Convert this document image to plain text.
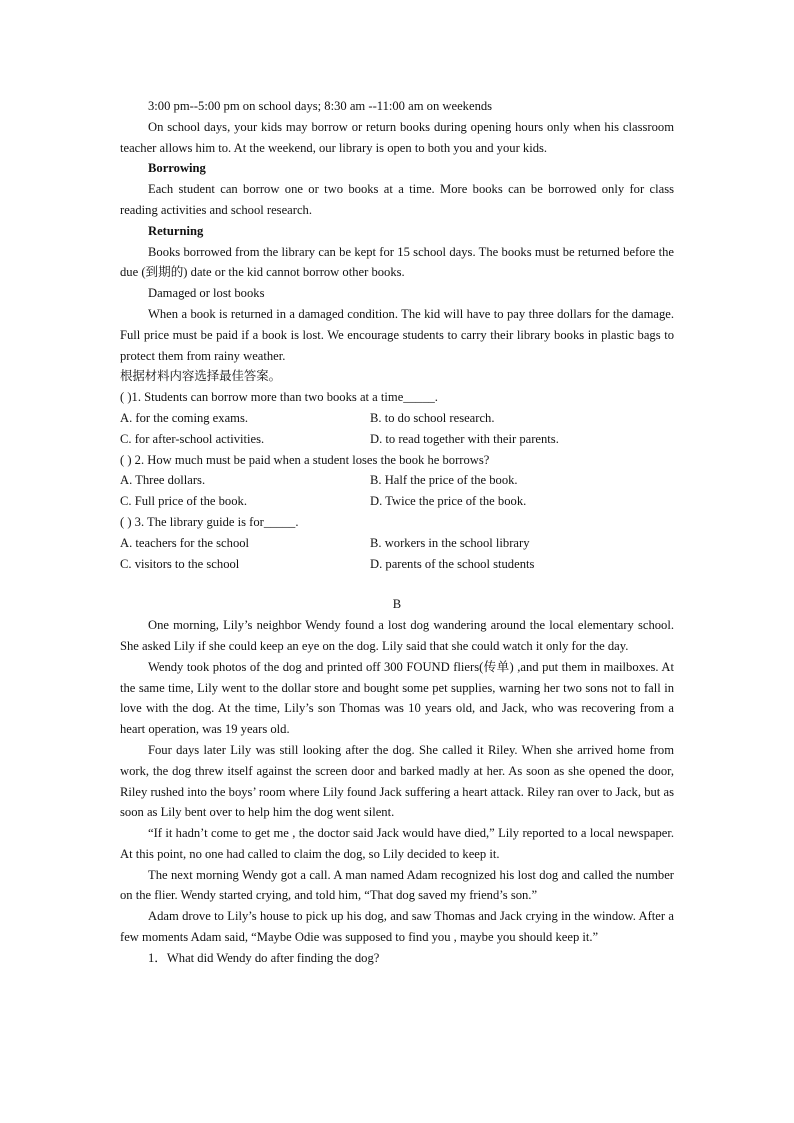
3:00 pm--5:00 pm on school days; 8:30 am --11:00 am on weekends

On school days, your kids may borrow or return books during opening hours only when his classroom teacher allows him to. At the weekend, our library is open to both you and your kids.

Borrowing

Each student can borrow one or two books at a time. More books can be borrowed only for class reading activities and school research.

Returning

Books borrowed from the library can be kept for 15 school days. The books must be returned before the due (到期的) date or the kid cannot borrow other books.

Damaged or lost books

When a book is returned in a damaged condition. The kid will have to pay three dollars for the damage. Full price must be paid if a book is lost. We encourage students to carry their library books in plastic bags to protect them from rainy weather.

根据材料内容选择最佳答案。

( )1. Students can borrow more than two books at a time_____.

A. for the coming exams.	B. to do school research.
C. for after-school activities.	D. to read together with their parents.

( ) 2. How much must be paid when a student loses the book he borrows?

A. Three dollars.	B. Half the price of the book.
C. Full price of the book.	D. Twice the price of the book.

( ) 3. The library guide is for_____.

A. teachers for the school	B. workers in the school library
C. visitors to the school	D. parents of the school students

B

One morning, Lily’s neighbor Wendy found a lost dog wandering around the local elementary school. She asked Lily if she could keep an eye on the dog. Lily said that she could watch it only for the day.

Wendy took photos of the dog and printed off 300 FOUND fliers(传单) ,and put them in mailboxes. At the same time, Lily went to the dollar store and bought some pet supplies, warning her two sons not to fall in love with the dog. At the time, Lily’s son Thomas was 10 years old, and Jack, who was recovering from a heart operation, was 19 years old.

Four days later Lily was still looking after the dog. She called it Riley. When she arrived home from work, the dog threw itself against the screen door and barked madly at her. As soon as she opened the door, Riley rushed into the boys’ room where Lily found Jack suffering a heart attack. Riley ran over to Jack, but as soon as Lily bent over to help him the dog went silent.

“If it hadn’t come to get me , the doctor said Jack would have died,” Lily reported to a local newspaper. At this point, no one had called to claim the dog, so Lily decided to keep it.

The next morning Wendy got a call. A man named Adam recognized his lost dog and called the number on the flier. Wendy started crying, and told him, “That dog saved my friend’s son.”

Adam drove to Lily’s house to pick up his dog, and saw Thomas and Jack crying in the window. After a few moments Adam said, “Maybe Odie was supposed to find you , maybe you should keep it.”

1．What did Wendy do after finding the dog?
